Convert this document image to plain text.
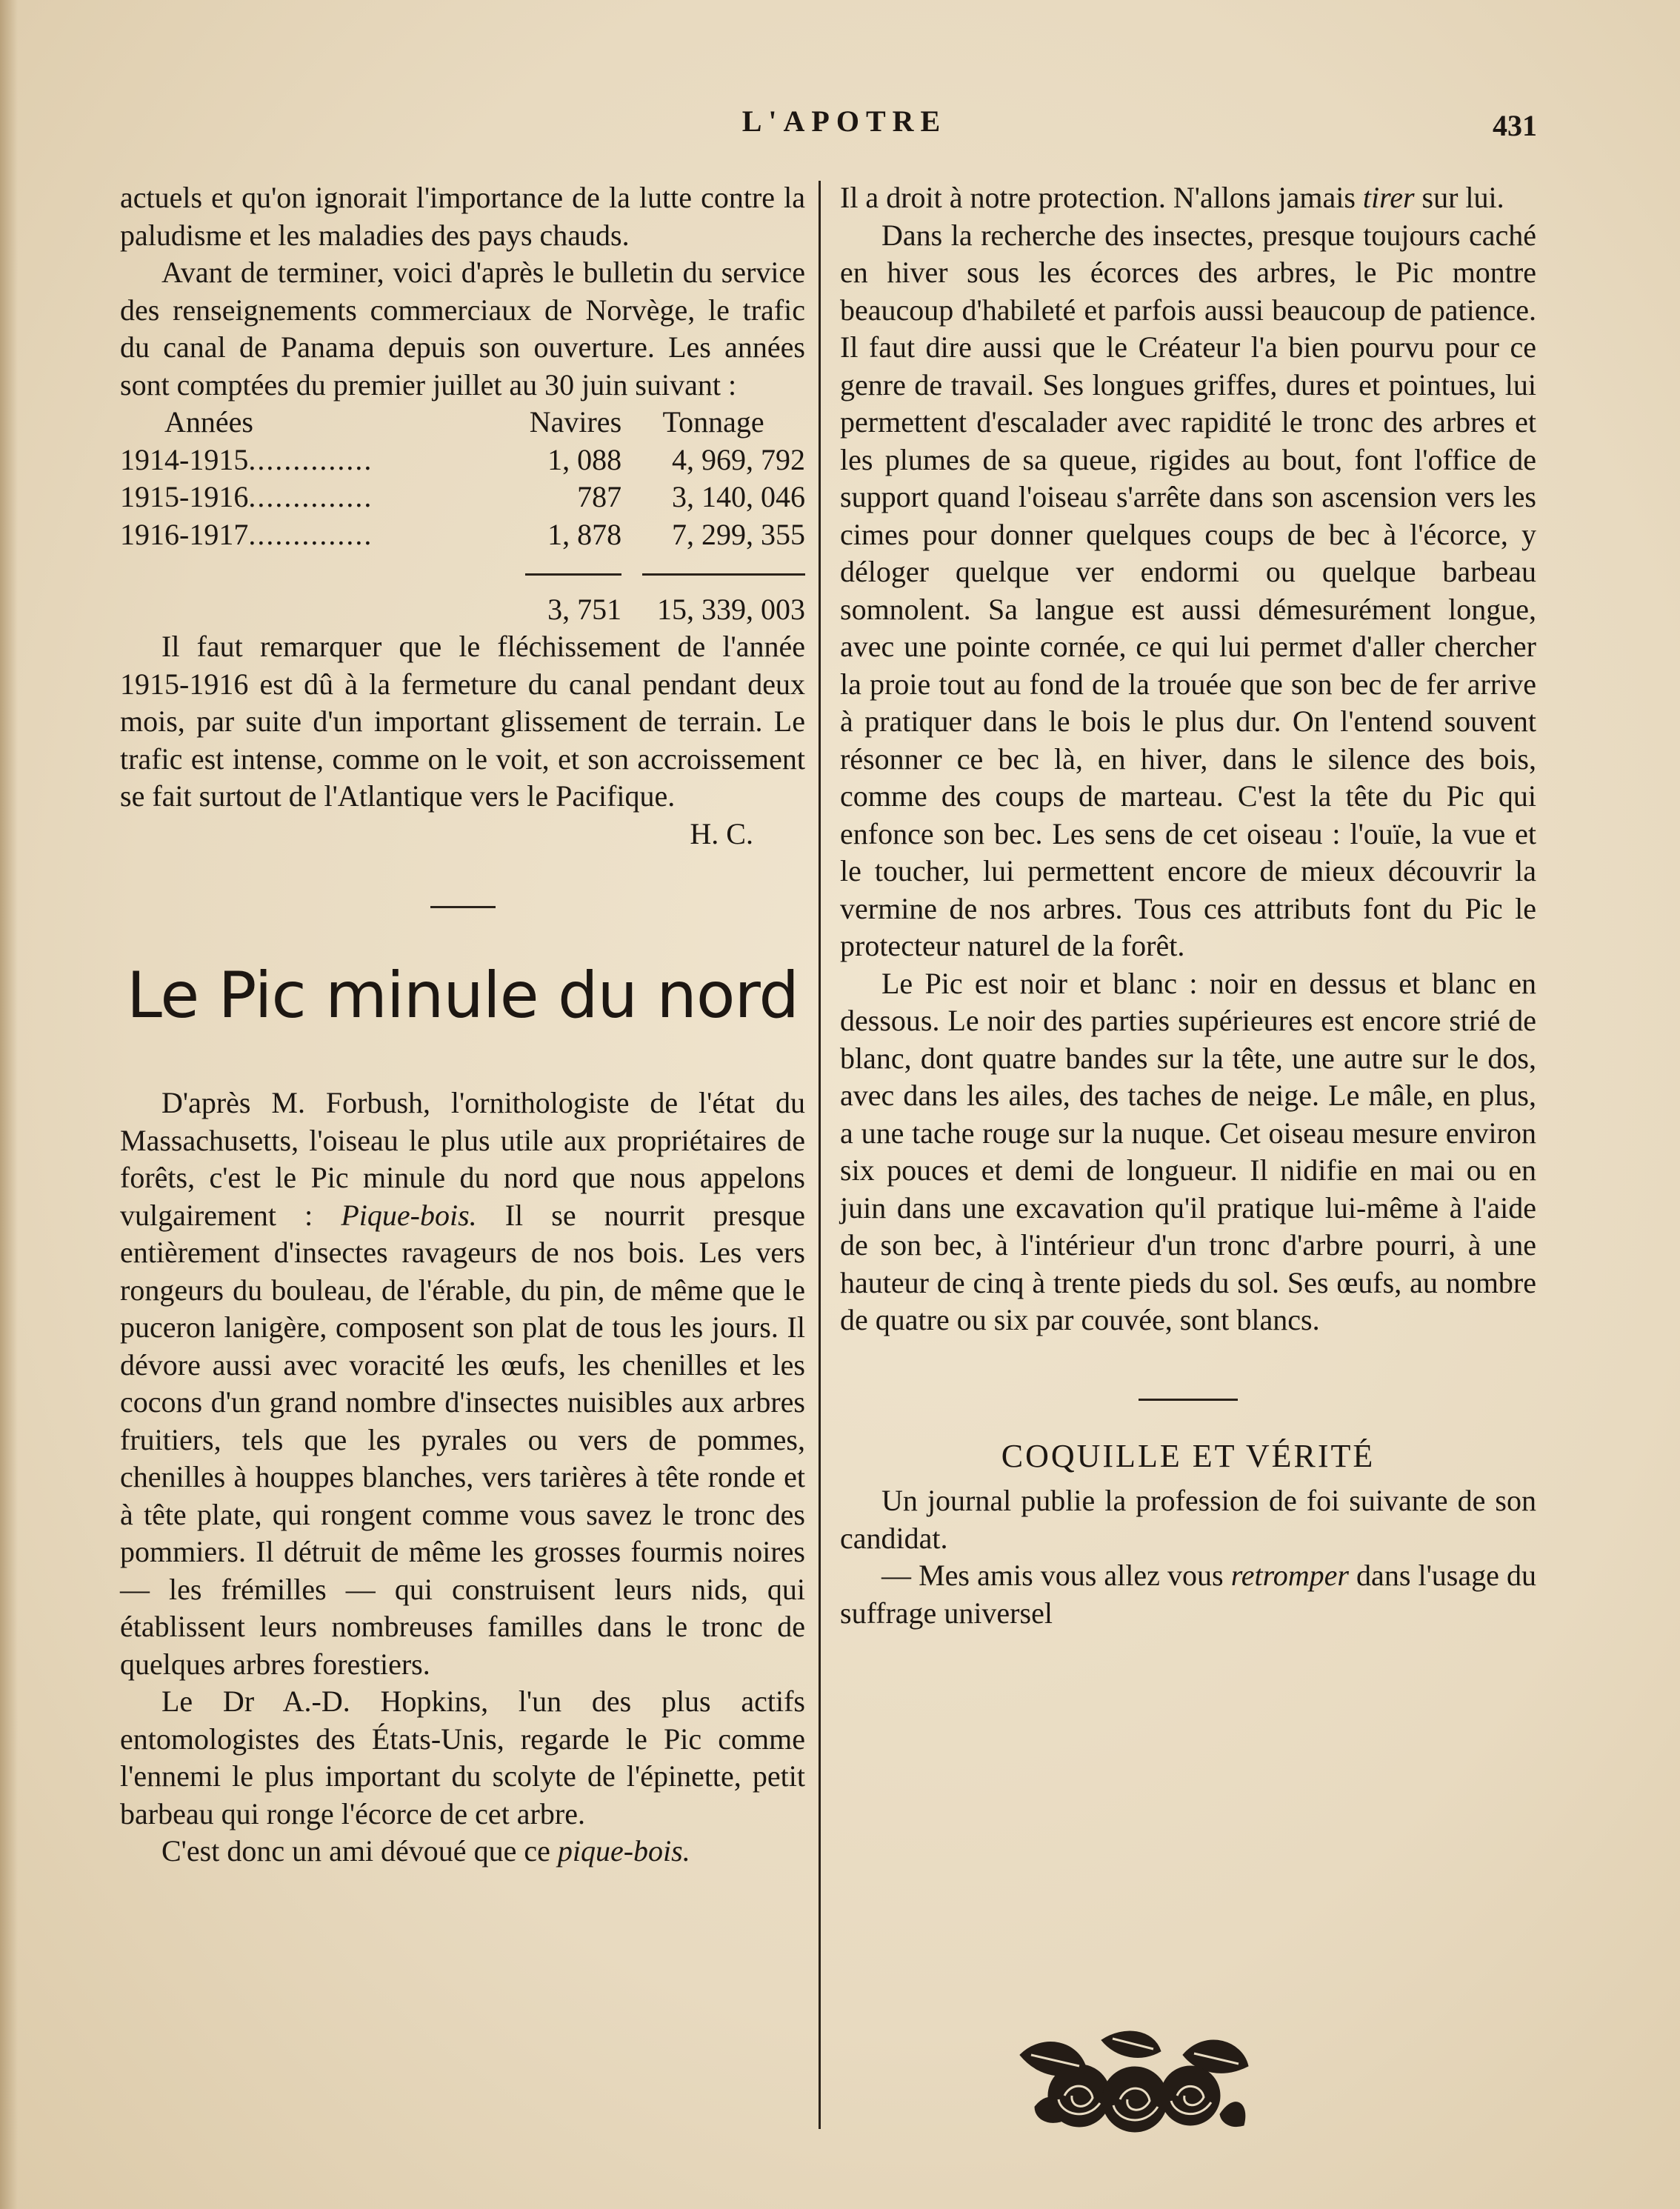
L'APOTRE	431

actuels et qu'on ignorait l'importance de la lutte contre la paludisme et les maladies des pays chauds.

Avant de terminer, voici d'après le bulletin du service des renseignements commerciaux de Norvège, le trafic du canal de Panama depuis son ouverture. Les années sont comptées du premier juillet au 30 juin suivant :

Années	Navires	Tonnage
1914-1915..............	1, 088	4, 969, 792
1915-1916..............	787	3, 140, 046
1916-1917..............	1, 878	7, 299, 355

	3, 751	15, 339, 003

Il faut remarquer que le fléchissement de l'année 1915-1916 est dû à la fermeture du canal pendant deux mois, par suite d'un important glissement de terrain. Le trafic est intense, comme on le voit, et son accroissement se fait surtout de l'Atlantique vers le Pacifique.

H. C.

Le Pic minule du nord

D'après M. Forbush, l'ornithologiste de l'état du Massachusetts, l'oiseau le plus utile aux propriétaires de forêts, c'est le Pic minule du nord que nous appelons vulgairement : Pique-bois. Il se nourrit presque entièrement d'insectes ravageurs de nos bois. Les vers rongeurs du bouleau, de l'érable, du pin, de même que le puceron lanigère, composent son plat de tous les jours. Il dévore aussi avec voracité les œufs, les chenilles et les cocons d'un grand nombre d'insectes nuisibles aux arbres fruitiers, tels que les pyrales ou vers de pommes, chenilles à houppes blanches, vers tarières à tête ronde et à tête plate, qui rongent comme vous savez le tronc des pommiers. Il détruit de même les grosses fourmis noires — les frémilles — qui construisent leurs nids, qui établissent leurs nombreuses familles dans le tronc de quelques arbres forestiers.

Le Dr A.-D. Hopkins, l'un des plus actifs entomologistes des États-Unis, regarde le Pic comme l'ennemi le plus important du scolyte de l'épinette, petit barbeau qui ronge l'écorce de cet arbre.

C'est donc un ami dévoué que ce pique-bois.

Il a droit à notre protection. N'allons jamais tirer sur lui.

Dans la recherche des insectes, presque toujours caché en hiver sous les écorces des arbres, le Pic montre beaucoup d'habileté et parfois aussi beaucoup de patience. Il faut dire aussi que le Créateur l'a bien pourvu pour ce genre de travail. Ses longues griffes, dures et pointues, lui permettent d'escalader avec rapidité le tronc des arbres et les plumes de sa queue, rigides au bout, font l'office de support quand l'oiseau s'arrête dans son ascension vers les cimes pour donner quelques coups de bec à l'écorce, y déloger quelque ver endormi ou quelque barbeau somnolent. Sa langue est aussi démesurément longue, avec une pointe cornée, ce qui lui permet d'aller chercher la proie tout au fond de la trouée que son bec de fer arrive à pratiquer dans le bois le plus dur. On l'entend souvent résonner ce bec là, en hiver, dans le silence des bois, comme des coups de marteau. C'est la tête du Pic qui enfonce son bec. Les sens de cet oiseau : l'ouïe, la vue et le toucher, lui permettent encore de mieux découvrir la vermine de nos arbres. Tous ces attributs font du Pic le protecteur naturel de la forêt.

Le Pic est noir et blanc : noir en dessus et blanc en dessous. Le noir des parties supérieures est encore strié de blanc, dont quatre bandes sur la tête, une autre sur le dos, avec dans les ailes, des taches de neige. Le mâle, en plus, a une tache rouge sur la nuque. Cet oiseau mesure environ six pouces et demi de longueur. Il nidifie en mai ou en juin dans une excavation qu'il pratique lui-même à l'aide de son bec, à l'intérieur d'un tronc d'arbre pourri, à une hauteur de cinq à trente pieds du sol. Ses œufs, au nombre de quatre ou six par couvée, sont blancs.

COQUILLE ET VÉRITÉ

Un journal publie la profession de foi suivante de son candidat.

— Mes amis vous allez vous retromper dans l'usage du suffrage universel
